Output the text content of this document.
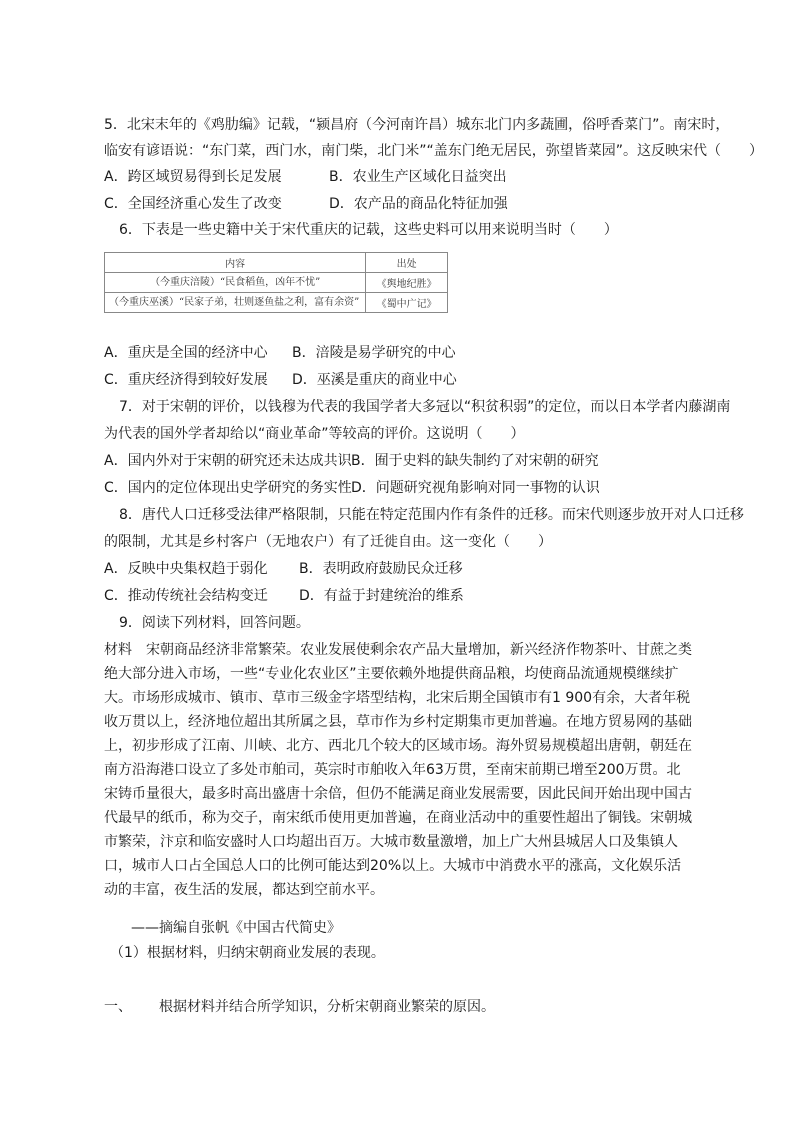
5．北宋末年的《鸡肋编》记载，“颍昌府（今河南许昌）城东北门内多蔬圃，俗呼香菜门”。南宋时，
临安有谚语说：“东门菜，西门水，南门柴，北门米”“盖东门绝无居民，弥望皆菜园”。这反映宋代（　　）
A．跨区域贸易得到长足发展	B．农业生产区域化日益突出
C．全国经济重心发生了改变	D．农产品的商品化特征加强
6．下表是一些史籍中关于宋代重庆的记载，这些史料可以用来说明当时（　　）
内容	出处
（今重庆涪陵）“民食稻鱼，凶年不忧”	《舆地纪胜》
（今重庆巫溪）“民家子弟，壮则逐鱼盐之利，富有余资”	《蜀中广记》
A．重庆是全国的经济中心 B．涪陵是易学研究的中心
C．重庆经济得到较好发展 D．巫溪是重庆的商业中心
7．对于宋朝的评价，以钱穆为代表的我国学者大多冠以“积贫积弱”的定位，而以日本学者内藤湖南
为代表的国外学者却给以“商业革命”等较高的评价。这说明（　　）
A．国内外对于宋朝的研究还未达成共识 B．囿于史料的缺失制约了对宋朝的研究
C．国内的定位体现出史学研究的务实性 D．问题研究视角影响对同一事物的认识
8．唐代人口迁移受法律严格限制，只能在特定范围内作有条件的迁移。而宋代则逐步放开对人口迁移
的限制，尤其是乡村客户（无地农户）有了迁徙自由。这一变化（　　）
A．反映中央集权趋于弱化 B．表明政府鼓励民众迁移
C．推动传统社会结构变迁 D．有益于封建统治的维系
9．阅读下列材料，回答问题。
材料　宋朝商品经济非常繁荣。农业发展使剩余农产品大量增加，新兴经济作物茶叶、甘蔗之类绝大部分进入市场，一些“专业化农业区”主要依赖外地提供商品粮，均使商品流通规模继续扩大。市场形成城市、镇市、草市三级金字塔型结构，北宋后期全国镇市有1 900有余，大者年税收万贯以上，经济地位超出其所属之县，草市作为乡村定期集市更加普遍。在地方贸易网的基础上，初步形成了江南、川峡、北方、西北几个较大的区域市场。海外贸易规模超出唐朝，朝廷在南方沿海港口设立了多处市舶司，英宗时市舶收入年63万贯，至南宋前期已增至200万贯。北宋铸币量很大，最多时高出盛唐十余倍，但仍不能满足商业发展需要，因此民间开始出现中国古代最早的纸币，称为交子，南宋纸币使用更加普遍，在商业活动中的重要性超出了铜钱。宋朝城市繁荣，汴京和临安盛时人口均超出百万。大城市数量激增，加上广大州县城居人口及集镇人口，城市人口占全国总人口的比例可能达到20%以上。大城市中消费水平的涨高，文化娱乐活动的丰富，夜生活的发展，都达到空前水平。
——摘编自张帆《中国古代简史》
（1）根据材料，归纳宋朝商业发展的表现。
一、 根据材料并结合所学知识，分析宋朝商业繁荣的原因。
